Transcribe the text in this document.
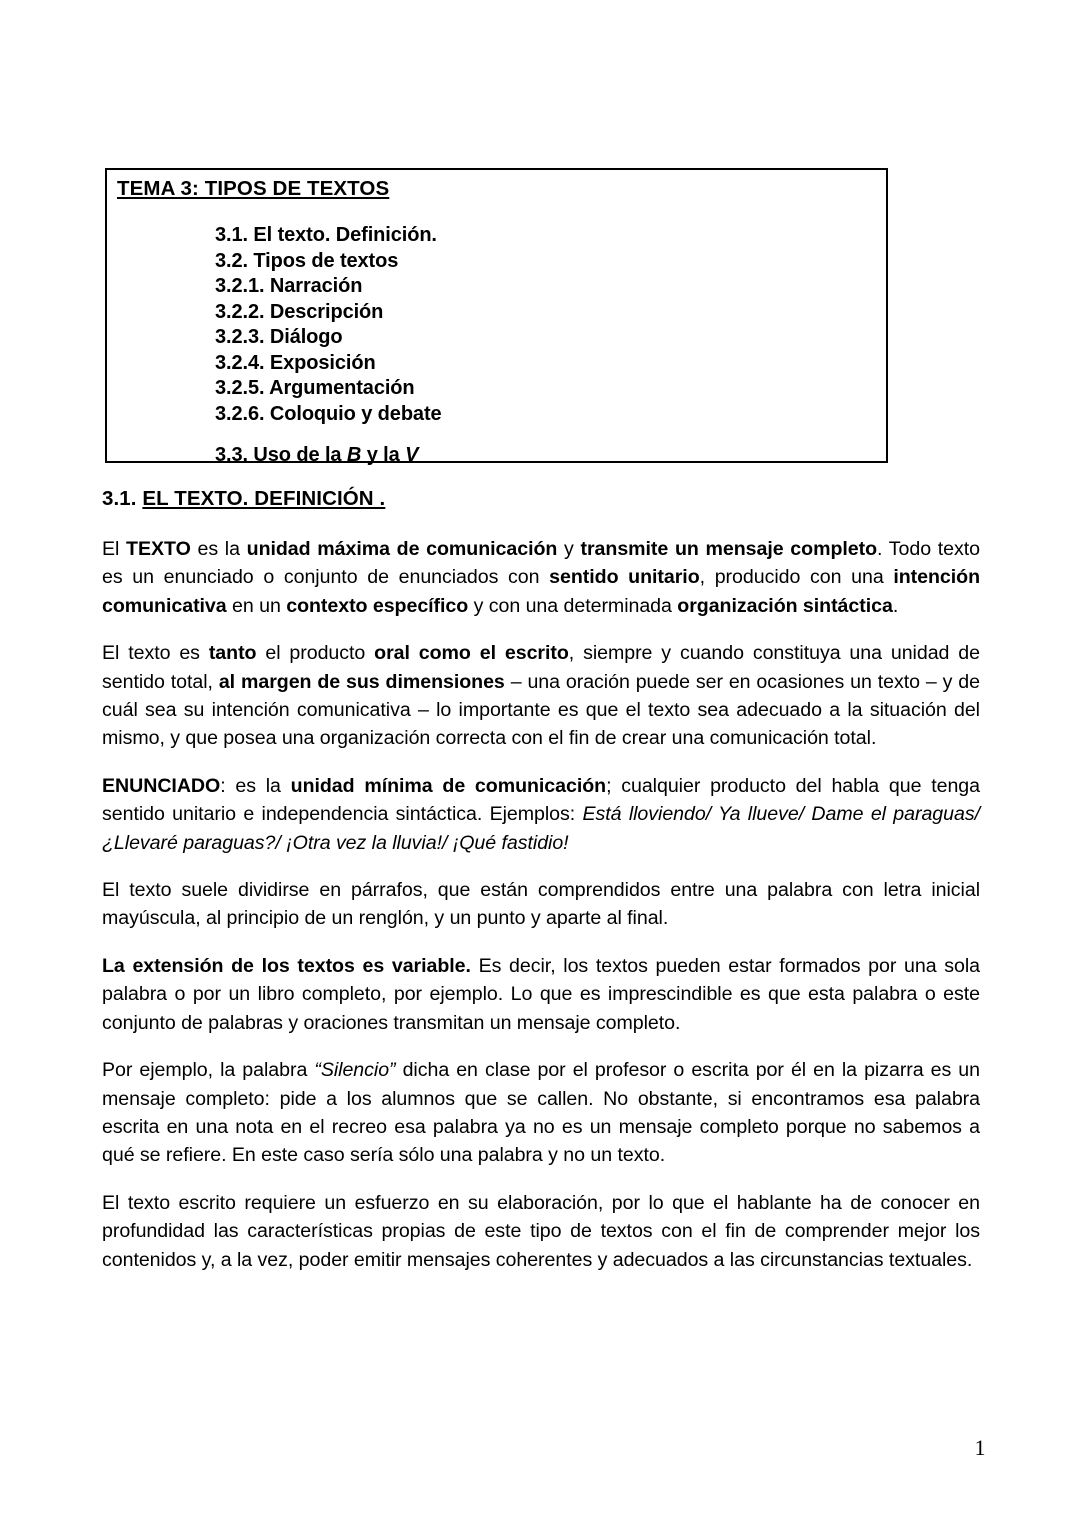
TEMA 3: TIPOS DE TEXTOS
3.1. El texto. Definición.
3.2. Tipos de textos
3.2.1. Narración
3.2.2. Descripción
3.2.3. Diálogo
3.2.4. Exposición
3.2.5. Argumentación
3.2.6. Coloquio y debate
3.3. Uso de la B y la V
3.1. EL TEXTO. DEFINICIÓN .

El TEXTO es la unidad máxima de comunicación y transmite un mensaje completo. Todo texto es un enunciado o conjunto de enunciados con sentido unitario, producido con una intención comunicativa en un contexto específico y con una determinada organización sintáctica.

El texto es tanto el producto oral como el escrito, siempre y cuando constituya una unidad de sentido total, al margen de sus dimensiones – una oración puede ser en ocasiones un texto – y de cuál sea su intención comunicativa – lo importante es que el texto sea adecuado a la situación del mismo, y que posea una organización correcta con el fin de crear una comunicación total.

ENUNCIADO: es la unidad mínima de comunicación; cualquier producto del habla que tenga sentido unitario e independencia sintáctica. Ejemplos: Está lloviendo/ Ya llueve/ Dame el paraguas/ ¿Llevaré paraguas?/ ¡Otra vez la lluvia!/ ¡Qué fastidio!

El texto suele dividirse en párrafos, que están comprendidos entre una palabra con letra inicial mayúscula, al principio de un renglón, y un punto y aparte al final.

La extensión de los textos es variable. Es decir, los textos pueden estar formados por una sola palabra o por un libro completo, por ejemplo. Lo que es imprescindible es que esta palabra o este conjunto de palabras y oraciones transmitan un mensaje completo.

Por ejemplo, la palabra “Silencio” dicha en clase por el profesor o escrita por él en la pizarra es un mensaje completo: pide a los alumnos que se callen. No obstante, si encontramos esa palabra escrita en una nota en el recreo esa palabra ya no es un mensaje completo porque no sabemos a qué se refiere. En este caso sería sólo una palabra y no un texto.

El texto escrito requiere un esfuerzo en su elaboración, por lo que el hablante ha de conocer en profundidad las características propias de este tipo de textos con el fin de comprender mejor los contenidos y, a la vez, poder emitir mensajes coherentes y adecuados a las circunstancias textuales.

1
